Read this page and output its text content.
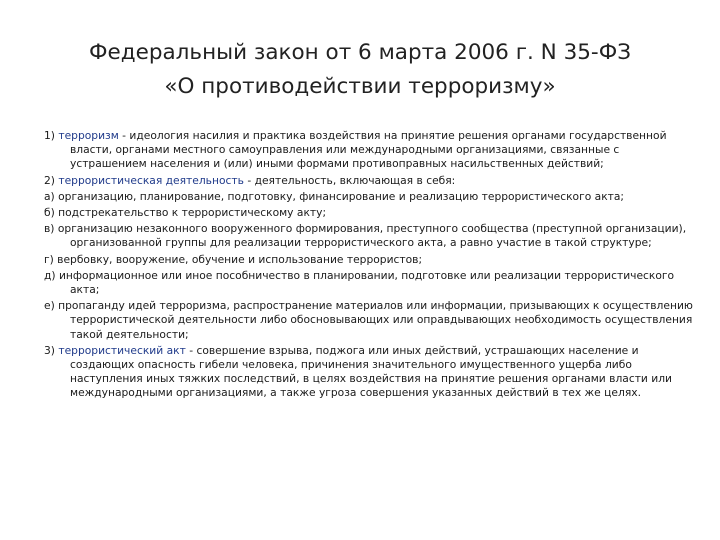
Федеральный закон от 6 марта 2006 г. N 35-ФЗ
«О противодействии терроризму»
1) терроризм - идеология насилия и практика воздействия на принятие решения органами государственной власти, органами местного самоуправления или международными организациями, связанные с устрашением населения и (или) иными формами противоправных насильственных действий;
2) террористическая деятельность - деятельность, включающая в себя:
а) организацию, планирование, подготовку, финансирование и реализацию террористического акта;
б) подстрекательство к террористическому акту;
в) организацию незаконного вооруженного формирования, преступного сообщества (преступной организации), организованной группы для реализации террористического акта, а равно участие в такой структуре;
г) вербовку, вооружение, обучение и использование террористов;
д) информационное или иное пособничество в планировании, подготовке или реализации террористического акта;
е) пропаганду идей терроризма, распространение материалов или информации, призывающих к осуществлению террористической деятельности либо обосновывающих или оправдывающих необходимость осуществления такой деятельности;
3) террористический акт - совершение взрыва, поджога или иных действий, устрашающих население и создающих опасность гибели человека, причинения значительного имущественного ущерба либо наступления иных тяжких последствий, в целях воздействия на принятие решения органами власти или международными организациями, а также угроза совершения указанных действий в тех же целях.
